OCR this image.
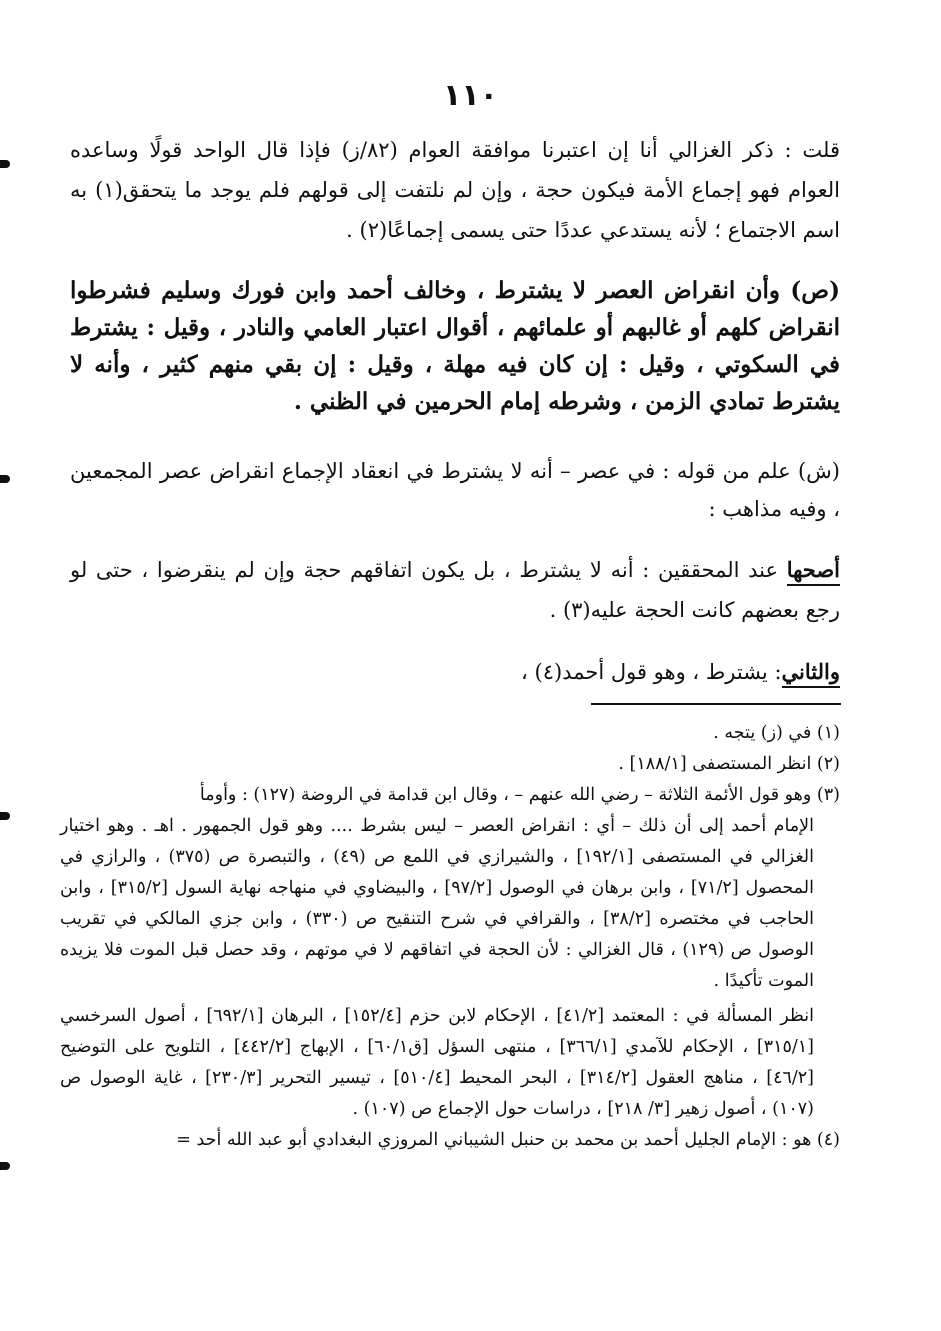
١١٠

قلت : ذكر الغزالي أنا إن اعتبرنا موافقة العوام (٨٢/ز) فإذا قال الواحد قولًا وساعده العوام فهو إجماع الأمة فيكون حجة ، وإن لم نلتفت إلى قولهم فلم يوجد ما يتحقق(١) به اسم الاجتماع ؛ لأنه يستدعي عددًا حتى يسمى إجماعًا(٢) .

(ص) وأن انقراض العصر لا يشترط ، وخالف أحمد وابن فورك وسليم فشرطوا انقراض كلهم أو غالبهم أو علمائهم ، أقوال اعتبار العامي والنادر ، وقيل : يشترط في السكوتي ، وقيل : إن كان فيه مهلة ، وقيل : إن بقي منهم كثير ، وأنه لا يشترط تمادي الزمن ، وشرطه إمام الحرمين في الظني .

(ش) علم من قوله : في عصر – أنه لا يشترط في انعقاد الإجماع انقراض عصر المجمعين ، وفيه مذاهب :

أصحها عند المحققين : أنه لا يشترط ، بل يكون اتفاقهم حجة وإن لم ينقرضوا ، حتى لو رجع بعضهم كانت الحجة عليه(٣) .

والثاني: يشترط ، وهو قول أحمد(٤) ،

(١) في (ز) يتجه .

(٢) انظر المستصفى [١٨٨/١] .

(٣) وهو قول الأئمة الثلاثة – رضي الله عنهم – ، وقال ابن قدامة في الروضة (١٢٧) : وأومأ

الإمام أحمد إلى أن ذلك – أي : انقراض العصر – ليس بشرط .... وهو قول الجمهور . اهـ . وهو اختيار الغزالي في المستصفى [١٩٢/١] ، والشيرازي في اللمع ص (٤٩) ، والتبصرة ص (٣٧٥) ، والرازي في المحصول [٧١/٢] ، وابن برهان في الوصول [٩٧/٢] ، والبيضاوي في منهاجه نهاية السول [٣١٥/٢] ، وابن الحاجب في مختصره [٣٨/٢] ، والقرافي في شرح التنقيح ص (٣٣٠) ، وابن جزي المالكي في تقريب الوصول ص (١٢٩) ، قال الغزالي : لأن الحجة في اتفاقهم لا في موتهم ، وقد حصل قبل الموت فلا يزيده الموت تأكيدًا .

انظر المسألة في : المعتمد [٤١/٢] ، الإحكام لابن حزم [١٥٢/٤] ، البرهان [٦٩٢/١] ، أصول السرخسي [٣١٥/١] ، الإحكام للآمدي [٣٦٦/١] ، منتهى السؤل [ق٦٠/١] ، الإبهاج [٤٤٢/٢] ، التلويح على التوضيح [٤٦/٢] ، مناهج العقول [٣١٤/٢] ، البحر المحيط [٥١٠/٤] ، تيسير التحرير [٢٣٠/٣] ، غاية الوصول ص (١٠٧) ، أصول زهير [٣/ ٢١٨] ، دراسات حول الإجماع ص (١٠٧) .

(٤) هو : الإمام الجليل أحمد بن محمد بن حنبل الشيباني المروزي البغدادي أبو عبد الله أحد =
